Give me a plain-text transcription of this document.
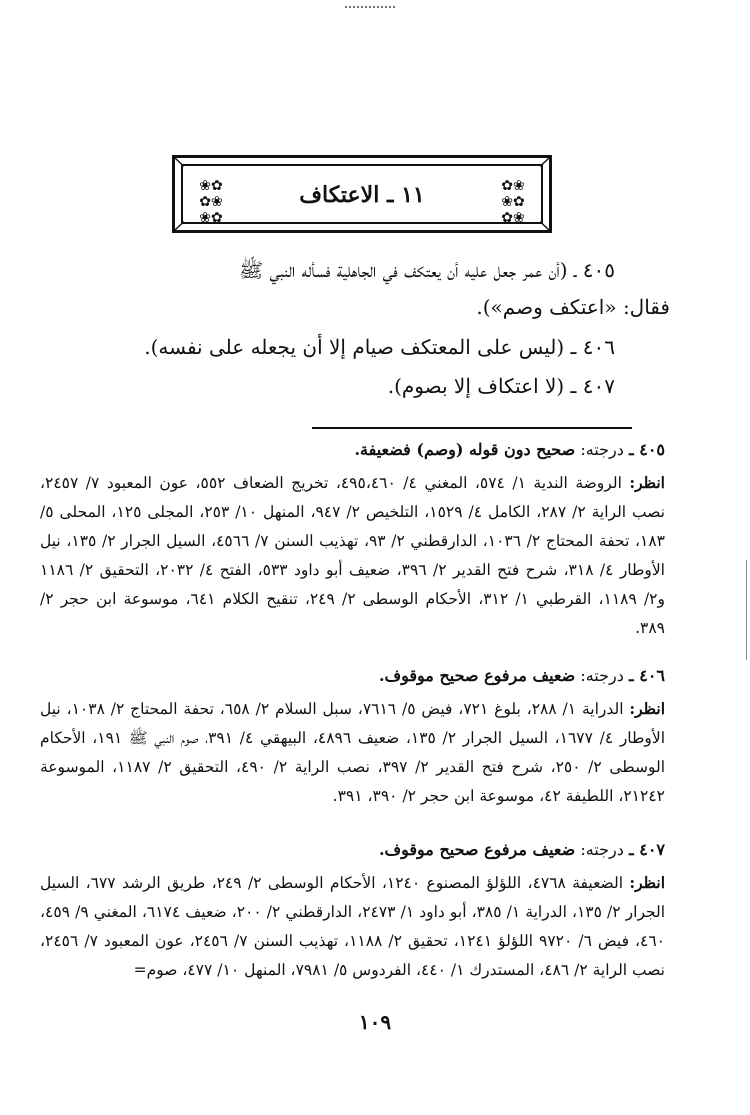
❀✿
✿❀
❀✿
✿❀
❀✿
✿❀
١١ ـ الاعتكاف
٤٠٥ ـ (أن عمر جعل عليه أن يعتكف في الجاهلية فسأله النبي ﷺ
فقال: «اعتكف وصم»).
٤٠٦ ـ (ليس على المعتكف صيام إلا أن يجعله على نفسه).
٤٠٧ ـ (لا اعتكاف إلا بصوم).
٤٠٥ ـ درجته: صحيح دون قوله (وصم) فضعيفة.
انظر: الروضة الندية ١/ ٥٧٤، المغني ٤/ ٤٩٥،٤٦٠، تخريج الضعاف ٥٥٢، عون المعبود ٧/ ٢٤٥٧، نصب الراية ٢/ ٢٨٧، الكامل ٤/ ١٥٢٩، التلخيص ٢/ ٩٤٧، المنهل ١٠/ ٢٥٣، المجلى ١٢٥، المحلى ٥/ ١٨٣، تحفة المحتاج ٢/ ١٠٣٦، الدارقطني ٢/ ٩٣، تهذيب السنن ٧/ ٤٥٦٦، السيل الجرار ٢/ ١٣٥، نيل الأوطار ٤/ ٣١٨، شرح فتح القدير ٢/ ٣٩٦، ضعيف أبو داود ٥٣٣، الفتح ٤/ ٢٠٣٢، التحقيق ٢/ ١١٨٦ و٢/ ١١٨٩، القرطبي ١/ ٣١٢، الأحكام الوسطى ٢/ ٢٤٩، تنقيح الكلام ٦٤١، موسوعة ابن حجر ٢/ ٣٨٩.
٤٠٦ ـ درجته: ضعيف مرفوع صحيح موقوف.
انظر: الدراية ١/ ٢٨٨، بلوغ ٧٢١، فيض ٥/ ٧٦١٦، سبل السلام ٢/ ٦٥٨، تحفة المحتاج ٢/ ١٠٣٨، نيل الأوطار ٤/ ١٦٧٧، السيل الجرار ٢/ ١٣٥، ضعيف ٤٨٩٦، البيهقي ٤/ ٣٩١، صوم النبي ﷺ ١٩١، الأحكام الوسطى ٢/ ٢٥٠، شرح فتح القدير ٢/ ٣٩٧، نصب الراية ٢/ ٤٩٠، التحقيق ٢/ ١١٨٧، الموسوعة ٢١٢٤٢، اللطيفة ٤٢، موسوعة ابن حجر ٢/ ٣٩٠، ٣٩١.
٤٠٧ ـ درجته: ضعيف مرفوع صحيح موقوف.
انظر: الضعيفة ٤٧٦٨، اللؤلؤ المصنوع ١٢٤٠، الأحكام الوسطى ٢/ ٢٤٩، طريق الرشد ٦٧٧، السيل الجرار ٢/ ١٣٥، الدراية ١/ ٣٨٥، أبو داود ١/ ٢٤٧٣، الدارقطني ٢/ ٢٠٠، ضعيف ٦١٧٤، المغني ٩/ ٤٥٩، ٤٦٠، فيض ٦/ ٩٧٢٠ اللؤلؤ ١٢٤١، تحقيق ٢/ ١١٨٨، تهذيب السنن ٧/ ٢٤٥٦، عون المعبود ٧/ ٢٤٥٦، نصب الراية ٢/ ٤٨٦، المستدرك ١/ ٤٤٠، الفردوس ٥/ ٧٩٨١، المنهل ١٠/ ٤٧٧، صوم=
١٠٩
